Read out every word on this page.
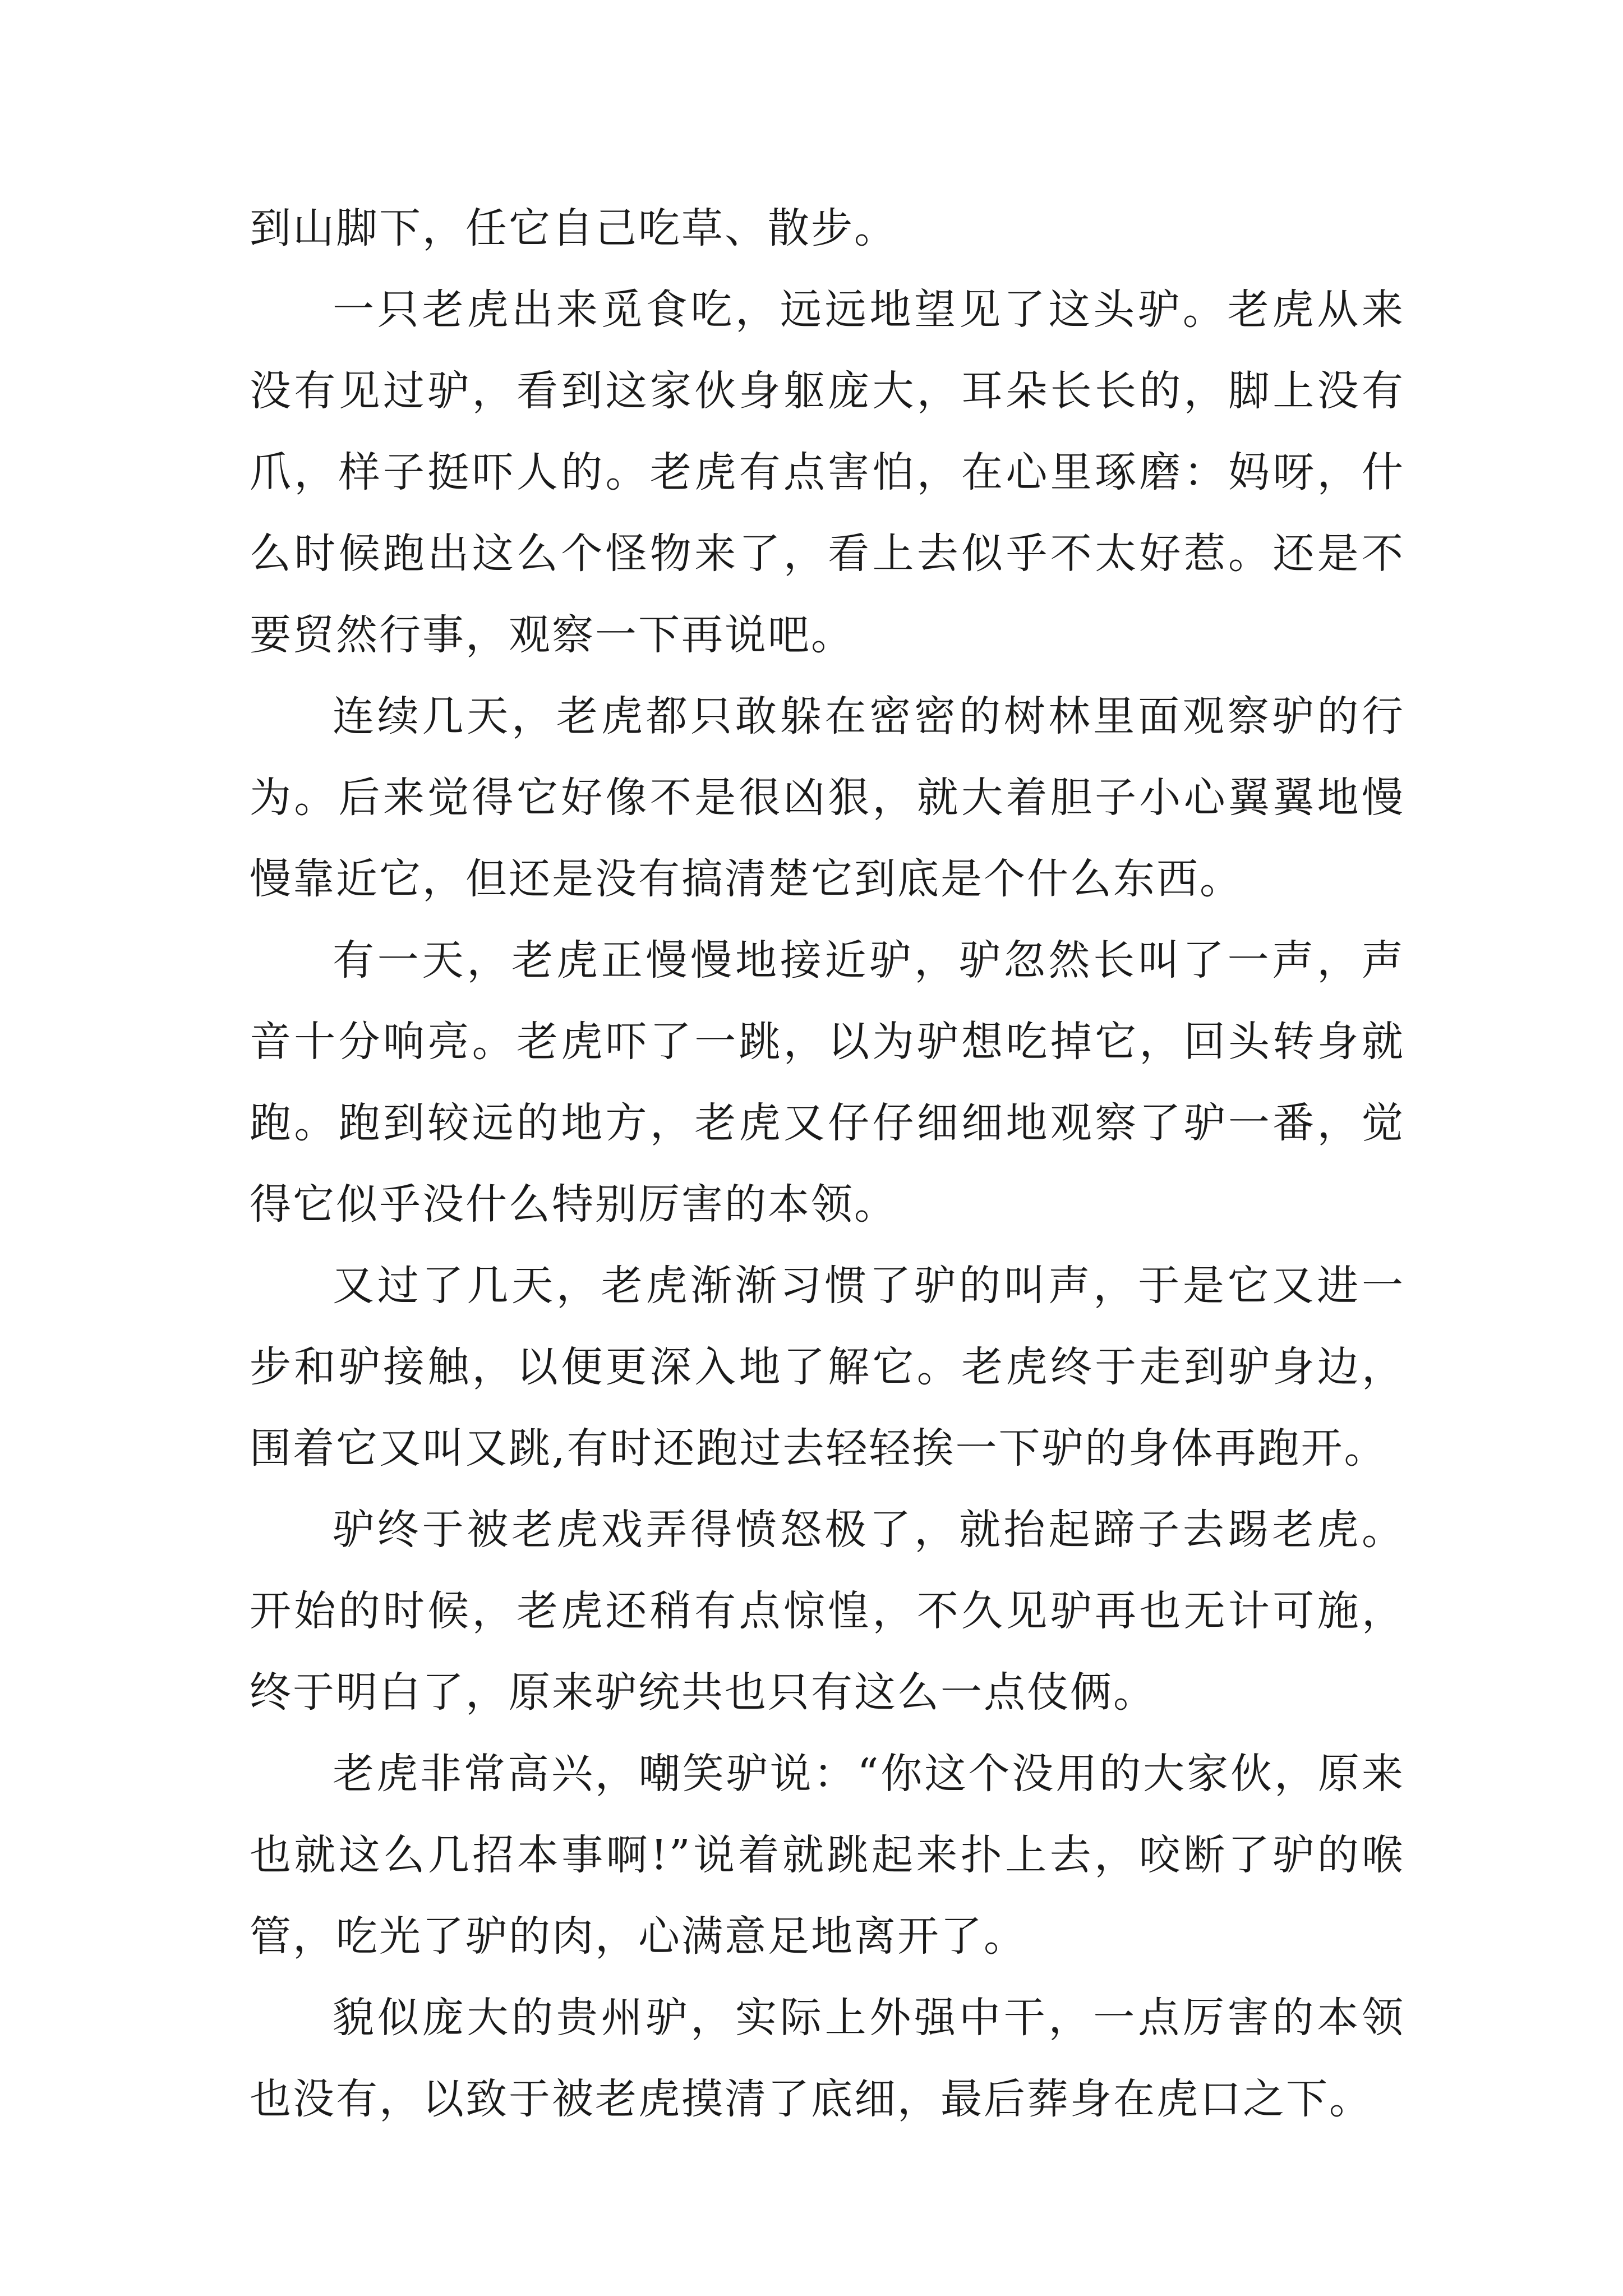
到山脚下，任它自己吃草、散步。

一只老虎出来觅食吃，远远地望见了这头驴。老虎从来没有见过驴，看到这家伙身躯庞大，耳朵长长的，脚上没有爪，样子挺吓人的。老虎有点害怕，在心里琢磨：妈呀，什么时候跑出这么个怪物来了，看上去似乎不太好惹。还是不要贸然行事，观察一下再说吧。

连续几天，老虎都只敢躲在密密的树林里面观察驴的行为。后来觉得它好像不是很凶狠，就大着胆子小心翼翼地慢慢靠近它，但还是没有搞清楚它到底是个什么东西。

有一天，老虎正慢慢地接近驴，驴忽然长叫了一声，声音十分响亮。老虎吓了一跳，以为驴想吃掉它，回头转身就跑。跑到较远的地方，老虎又仔仔细细地观察了驴一番，觉得它似乎没什么特别厉害的本领。

又过了几天，老虎渐渐习惯了驴的叫声，于是它又进一步和驴接触，以便更深入地了解它。老虎终于走到驴身边，围着它又叫又跳,有时还跑过去轻轻挨一下驴的身体再跑开。

驴终于被老虎戏弄得愤怒极了，就抬起蹄子去踢老虎。开始的时候，老虎还稍有点惊惶，不久见驴再也无计可施，终于明白了，原来驴统共也只有这么一点伎俩。

老虎非常高兴，嘲笑驴说：“你这个没用的大家伙，原来也就这么几招本事啊!”说着就跳起来扑上去，咬断了驴的喉管，吃光了驴的肉，心满意足地离开了。

貌似庞大的贵州驴，实际上外强中干，一点厉害的本领也没有，以致于被老虎摸清了底细，最后葬身在虎口之下。
